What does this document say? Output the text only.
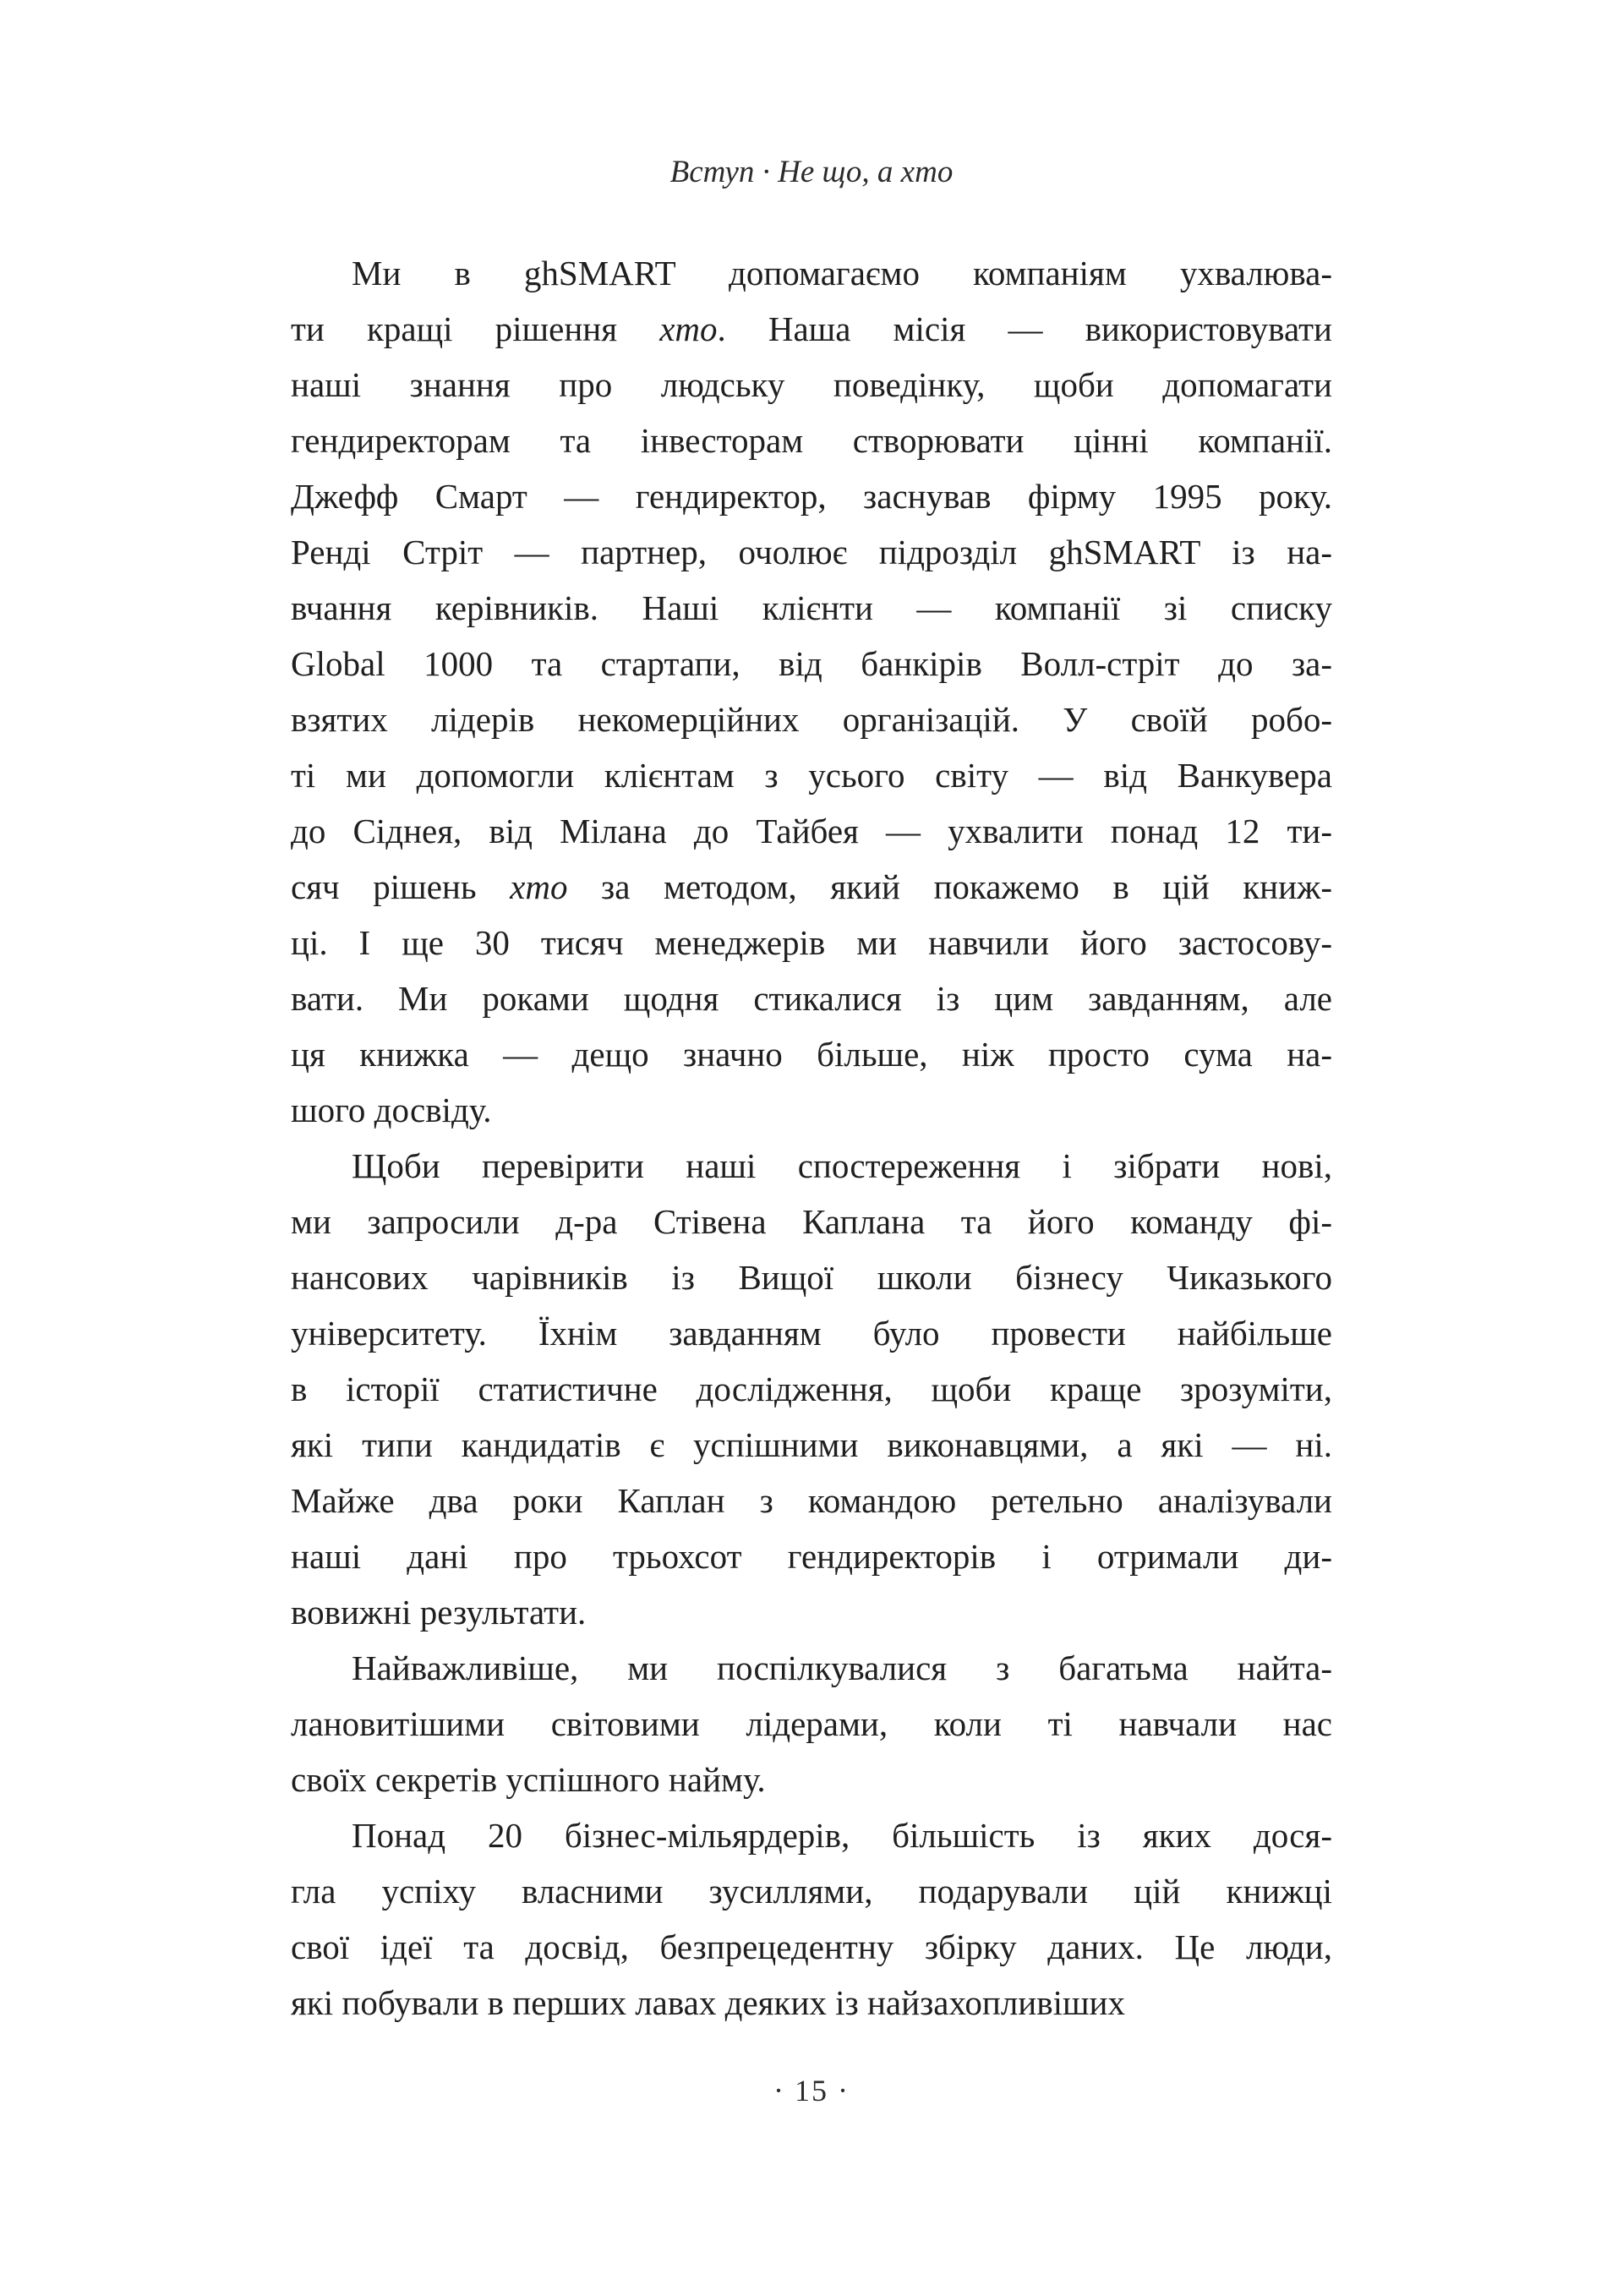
Вступ · Не що, а хто
Ми в ghSMART допомагаємо компаніям ухвалюва-
ти кращі рішення хто. Наша місія — використовувати
наші знання про людську поведінку, щоби допомагати
гендиректорам та інвесторам створювати цінні компанії.
Джефф Смарт — гендиректор, заснував фірму 1995 року.
Ренді Стріт — партнер, очолює підрозділ ghSMART із на-
вчання керівників. Наші клієнти — компанії зі списку
Global 1000 та стартапи, від банкірів Волл-стріт до за-
взятих лідерів некомерційних організацій. У своїй робо-
ті ми допомогли клієнтам з усього світу — від Ванкувера
до Сіднея, від Мілана до Тайбея — ухвалити понад 12 ти-
сяч рішень хто за методом, який покажемо в цій книж-
ці. І ще 30 тисяч менеджерів ми навчили його застосову-
вати. Ми роками щодня стикалися із цим завданням, але
ця книжка — дещо значно більше, ніж просто сума на-
шого досвіду.
Щоби перевірити наші спостереження і зібрати нові,
ми запросили д-ра Стівена Каплана та його команду фі-
нансових чарівників із Вищої школи бізнесу Чиказького
університету. Їхнім завданням було провести найбільше
в історії статистичне дослідження, щоби краще зрозуміти,
які типи кандидатів є успішними виконавцями, а які — ні.
Майже два роки Каплан з командою ретельно аналізували
наші дані про трьохсот гендиректорів і отримали ди-
вовижні результати.
Найважливіше, ми поспілкувалися з багатьма найта-
лановитішими світовими лідерами, коли ті навчали нас
своїх секретів успішного найму.
Понад 20 бізнес-мільярдерів, більшість із яких дося-
гла успіху власними зусиллями, подарували цій книжці
свої ідеї та досвід, безпрецедентну збірку даних. Це люди,
які побували в перших лавах деяких із найзахопливіших
· 15 ·
